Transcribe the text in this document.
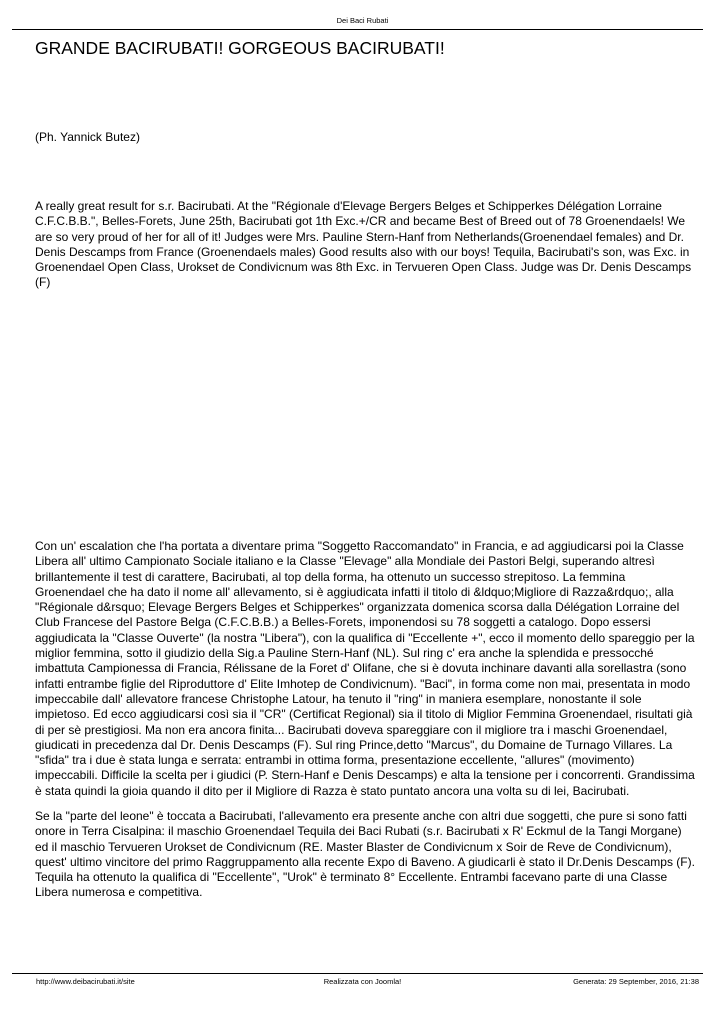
Dei Baci Rubati
GRANDE BACIRUBATI! GORGEOUS BACIRUBATI!

(Ph. Yannick Butez)

A really great result for s.r. Bacirubati. At the "Régionale d'Elevage Bergers Belges et Schipperkes Délégation Lorraine C.F.C.B.B.", Belles-Forets, June 25th, Bacirubati got 1th Exc.+/CR and became Best of Breed out of 78 Groenendaels! We are so very proud of her for all of it! Judges were Mrs. Pauline Stern-Hanf from Netherlands(Groenendael females) and Dr. Denis Descamps from France (Groenendaels males) Good results also with our boys! Tequila, Bacirubati's son, was Exc. in Groenendael Open Class, Urokset de Condivicnum was 8th Exc. in Tervueren Open Class. Judge was Dr. Denis Descamps (F)

Con un' escalation che l'ha portata a diventare prima "Soggetto Raccomandato" in Francia, e ad aggiudicarsi poi la Classe Libera all' ultimo Campionato Sociale italiano e la Classe "Elevage" alla Mondiale dei Pastori Belgi, superando altresì brillantemente il test di carattere, Bacirubati, al top della forma, ha ottenuto un successo strepitoso. La femmina Groenendael che ha dato il nome all' allevamento, si è aggiudicata infatti il titolo di &ldquo;Migliore di Razza&rdquo;, alla "Régionale d&rsquo; Elevage Bergers Belges et Schipperkes" organizzata domenica scorsa dalla Délégation Lorraine del Club Francese del Pastore Belga (C.F.C.B.B.) a Belles-Forets, imponendosi su 78 soggetti a catalogo. Dopo essersi aggiudicata la "Classe Ouverte" (la nostra "Libera"), con la qualifica di "Eccellente +", ecco il momento dello spareggio per la miglior femmina, sotto il giudizio della Sig.a Pauline Stern-Hanf (NL). Sul ring c' era anche la splendida e pressocché imbattuta Campionessa di Francia, Rélissane de la Foret d' Olifane, che si è dovuta inchinare davanti alla sorellastra (sono infatti entrambe figlie del Riproduttore d' Elite Imhotep de Condivicnum). "Baci", in forma come non mai, presentata in modo impeccabile dall' allevatore francese Christophe Latour, ha tenuto il "ring" in maniera esemplare, nonostante il sole impietoso. Ed ecco aggiudicarsi così sia il "CR" (Certificat Regional) sia il titolo di Miglior Femmina Groenendael, risultati già di per sè prestigiosi. Ma non era ancora finita... Bacirubati doveva spareggiare con il migliore tra i maschi Groenendael, giudicati in precedenza dal Dr. Denis Descamps (F). Sul ring Prince,detto "Marcus", du Domaine de Turnago Villares. La "sfida" tra i due è stata lunga e serrata: entrambi in ottima forma, presentazione eccellente, "allures" (movimento) impeccabili. Difficile la scelta per i giudici (P. Stern-Hanf e Denis Descamps) e alta la tensione per i concorrenti. Grandissima è stata quindi la gioia quando il dito per il Migliore di Razza è stato puntato ancora una volta su di lei, Bacirubati.

Se la "parte del leone" è toccata a Bacirubati, l'allevamento era presente anche con altri due soggetti, che pure si sono fatti onore in Terra Cisalpina: il maschio Groenendael Tequila dei Baci Rubati (s.r. Bacirubati x R' Eckmul de la Tangi Morgane) ed il maschio Tervueren Urokset de Condivicnum (RE. Master Blaster de Condivicnum x Soir de Reve de Condivicnum), quest' ultimo vincitore del primo Raggruppamento alla recente Expo di Baveno. A giudicarli è stato il Dr.Denis Descamps (F). Tequila ha ottenuto la qualifica di "Eccellente", "Urok" è terminato 8° Eccellente. Entrambi facevano parte di una Classe Libera numerosa e competitiva.

http://www.deibacirubati.it/site	Realizzata con Joomla!	Generata: 29 September, 2016, 21:38
